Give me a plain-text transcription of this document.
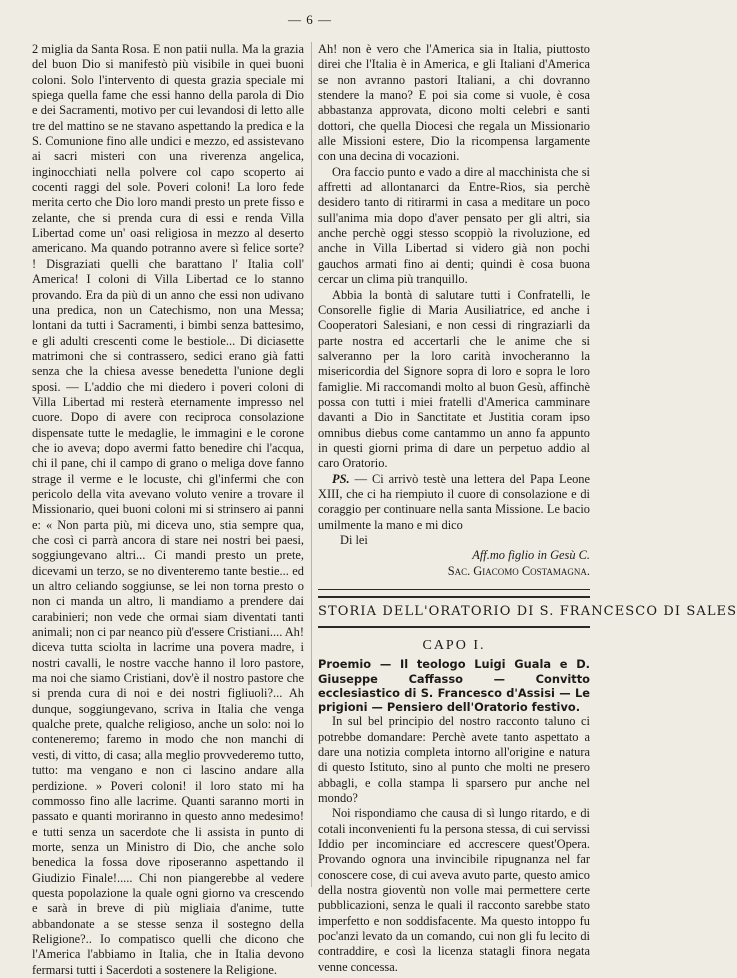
— 6 —

2 miglia da Santa Rosa. E non patii nulla. Ma la grazia del buon Dio si manifestò più visibile in quei buoni coloni. Solo l'intervento di questa grazia speciale mi spiega quella fame che essi hanno della parola di Dio e dei Sacramenti, motivo per cui levandosi di letto alle tre del mattino se ne stavano aspettando la predica e la S. Comunione fino alle undici e mezzo, ed assistevano ai sacri misteri con una riverenza angelica, inginocchiati nella polvere col capo scoperto ai cocenti raggi del sole. Poveri coloni! La loro fede merita certo che Dio loro mandi presto un prete fisso e zelante, che si prenda cura di essi e renda Villa Libertad come un' oasi religiosa in mezzo al deserto americano. Ma quando potranno avere sì felice sorte? ! Disgraziati quelli che barattano l' Italia coll' America! I coloni di Villa Libertad ce lo stanno provando. Era da più di un anno che essi non udivano una predica, non un Catechismo, non una Messa; lontani da tutti i Sacramenti, i bimbi senza battesimo, e gli adulti crescenti come le bestiole... Di diciasette matrimoni che si contrassero, sedici erano già fatti senza che la chiesa avesse benedetta l'unione degli sposi. — L'addio che mi diedero i poveri coloni di Villa Libertad mi resterà eternamente impresso nel cuore. Dopo di avere con reciproca consolazione dispensate tutte le medaglie, le immagini e le corone che io aveva; dopo avermi fatto benedire chi l'acqua, chi il pane, chi il campo di grano o meliga dove fanno strage il verme e le locuste, chi gl'infermi che con pericolo della vita avevano voluto venire a trovare il Missionario, quei buoni coloni mi si strinsero ai panni e: « Non parta più, mi diceva uno, stia sempre qua, che così ci parrà ancora di stare nei nostri bei paesi, soggiungevano altri... Ci mandi presto un prete, dicevami un terzo, se no diventeremo tante bestie... ed un altro celiando soggiunse, se lei non torna presto o non ci manda un altro, li mandiamo a prendere dai carabinieri; non vede che ormai siam diventati tanti animali; non ci par neanco più d'essere Cristiani.... Ah! diceva tutta sciolta in lacrime una povera madre, i nostri cavalli, le nostre vacche hanno il loro pastore, ma noi che siamo Cristiani, dov'è il nostro pastore che si prenda cura di noi e dei nostri figliuoli?... Ah dunque, soggiungevano, scriva in Italia che venga qualche prete, qualche religioso, anche un solo: noi lo conteneremo; faremo in modo che non manchi di vesti, di vitto, di casa; alla meglio provvederemo tutto, tutto: ma vengano e non ci lascino andare alla perdizione. » Poveri coloni! il loro stato mi ha commosso fino alle lacrime. Quanti saranno morti in passato e quanti moriranno in questo anno medesimo! e tutti senza un sacerdote che li assista in punto di morte, senza un Ministro di Dio, che anche solo benedica la fossa dove riposeranno aspettando il Giudizio Finale!..... Chi non piangerebbe al vedere questa popolazione la quale ogni giorno va crescendo e sarà in breve di più migliaia d'anime, tutte abbandonate a se stesse senza il sostegno della Religione?.. Io compatisco quelli che dicono che l'America l'abbiamo in Italia, che in Italia devono fermarsi tutti i Sacerdoti a sostenere la Religione.

Ah! non è vero che l'America sia in Italia, piuttosto direi che l'Italia è in America, e gli Italiani d'America se non avranno pastori Italiani, a chi dovranno stendere la mano? E poi sia come si vuole, è cosa abbastanza approvata, dicono molti celebri e santi dottori, che quella Diocesi che regala un Missionario alle Missioni estere, Dio la ricompensa largamente con una decina di vocazioni.

Ora faccio punto e vado a dire al macchinista che si affretti ad allontanarci da Entre-Rios, sia perchè desidero tanto di ritirarmi in casa a meditare un poco sull'anima mia dopo d'aver pensato per gli altri, sia anche perchè oggi stesso scoppiò la rivoluzione, ed anche in Villa Libertad si videro già non pochi gauchos armati fino ai denti; quindi è cosa buona cercar un clima più tranquillo.

Abbia la bontà di salutare tutti i Confratelli, le Consorelle figlie di Maria Ausiliatrice, ed anche i Cooperatori Salesiani, e non cessi di ringraziarli da parte nostra ed accertarli che le anime che si salveranno per la loro carità invocheranno la misericordia del Signore sopra di loro e sopra le loro famiglie. Mi raccomandi molto al buon Gesù, affinchè possa con tutti i miei fratelli d'America camminare davanti a Dio in Sanctitate et Justitia coram ipso omnibus diebus come cantammo un anno fa appunto in questi giorni prima di dare un perpetuo addio al caro Oratorio.

PS. — Ci arrivò testè una lettera del Papa Leone XIII, che ci ha riempiuto il cuore di consolazione e di coraggio per continuare nella santa Missione. Le bacio umilmente la mano e mi dico

Di lei

Aff.mo figlio in Gesù C.

Sac. Giacomo Costamagna.

STORIA DELL'ORATORIO DI S. FRANCESCO DI SALES
CAPO I.

Proemio — Il teologo Luigi Guala e D. Giuseppe Caffasso — Convitto ecclesiastico di S. Francesco d'Assisi — Le prigioni — Pensiero dell'Oratorio festivo.

In sul bel principio del nostro racconto taluno ci potrebbe domandare: Perchè avete tanto aspettato a dare una notizia completa intorno all'origine e natura di questo Istituto, sino al punto che molti ne presero abbagli, e colla stampa li sparsero pur anche nel mondo?

Noi rispondiamo che causa di sì lungo ritardo, e di cotali inconvenienti fu la persona stessa, di cui servissi Iddio per incominciare ed accrescere quest'Opera. Provando ognora una invincibile ripugnanza nel far conoscere cose, di cui aveva avuto parte, questo amico della nostra gioventù non volle mai permettere certe pubblicazioni, senza le quali il racconto sarebbe stato imperfetto e non soddisfacente. Ma questo intoppo fu poc'anzi levato da un comando, cui non gli fu lecito di contraddire, e così la licenza statagli finora negata venne concessa.
